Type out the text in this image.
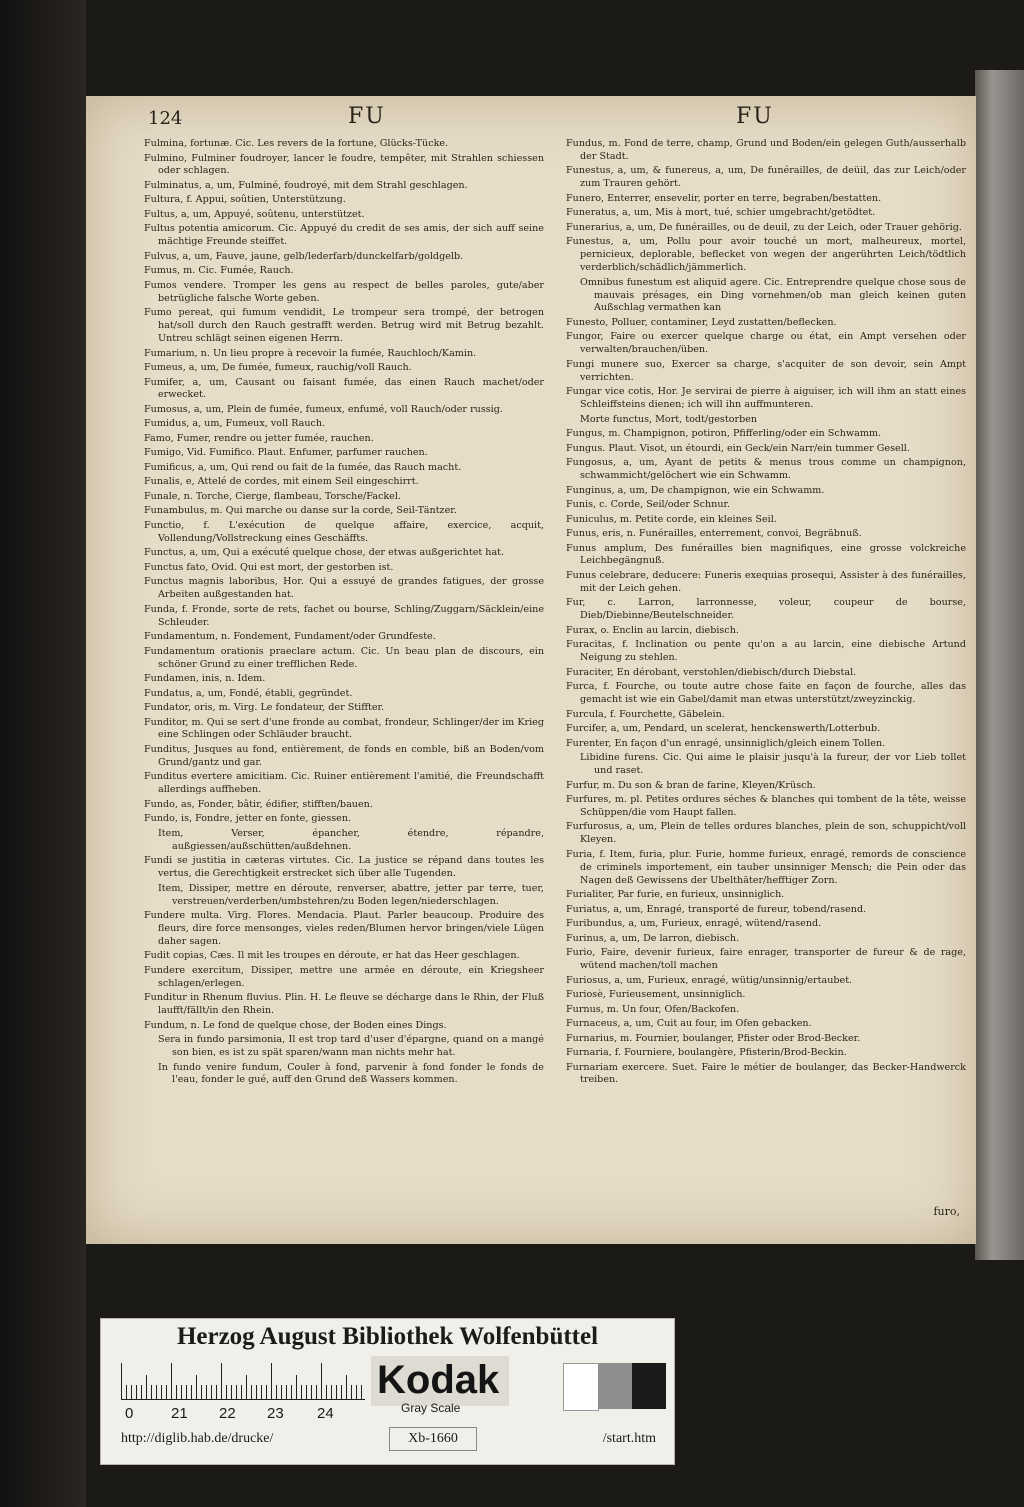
124	FU	FU

Fulmina, fortunæ. Cic. Les revers de la fortune, Glücks-Tücke.

Fulmino, Fulminer foudroyer, lancer le foudre, tempêter, mit Strahlen schiessen oder schlagen.

Fulminatus, a, um, Fulminé, foudroyé, mit dem Strahl geschlagen.

Fultura, f. Appui, soûtien, Unterstützung.

Fultus, a, um, Appuyé, soûtenu, unterstützet.

Fultus potentia amicorum. Cic. Appuyé du credit de ses amis, der sich auff seine mächtige Freunde steiffet.

Fulvus, a, um, Fauve, jaune, gelb/lederfarb/dunckelfarb/goldgelb.

Fumus, m. Cic. Fumée, Rauch.

Fumos vendere. Tromper les gens au respect de belles paroles, gute/aber betrügliche falsche Worte geben.

Fumo pereat, qui fumum vendidit, Le trompeur sera trompé, der betrogen hat/soll durch den Rauch gestrafft werden. Betrug wird mit Betrug bezahlt. Untreu schlägt seinen eigenen Herrn.

Fumarium, n. Un lieu propre à recevoir la fumée, Rauchloch/Kamin.

Fumeus, a, um, De fumée, fumeux, rauchig/voll Rauch.

Fumifer, a, um, Causant ou faisant fumée, das einen Rauch machet/oder erwecket.

Fumosus, a, um, Plein de fumée, fumeux, enfumé, voll Rauch/oder russig.

Fumidus, a, um, Fumeux, voll Rauch.

Famo, Fumer, rendre ou jetter fumée, rauchen.

Fumigo, Vid. Fumifico. Plaut. Enfumer, parfumer rauchen.

Fumificus, a, um, Qui rend ou fait de la fumée, das Rauch macht.

Funalis, e, Attelé de cordes, mit einem Seil eingeschirrt.

Funale, n. Torche, Cierge, flambeau, Torsche/Fackel.

Funambulus, m. Qui marche ou danse sur la corde, Seil-Täntzer.

Functio, f. L'exécution de quelque affaire, exercice, acquit, Vollendung/Vollstreckung eines Geschäffts.

Functus, a, um, Qui a exécuté quelque chose, der etwas außgerichtet hat.

Functus fato, Ovid. Qui est mort, der gestorben ist.

Functus magnis laboribus, Hor. Qui a essuyé de grandes fatigues, der grosse Arbeiten außgestanden hat.

Funda, f. Fronde, sorte de rets, fachet ou bourse, Schling/Zuggarn/Säcklein/eine Schleuder.

Fundamentum, n. Fondement, Fundament/oder Grundfeste.

Fundamentum orationis praeclare actum. Cic. Un beau plan de discours, ein schöner Grund zu einer trefflichen Rede.

Fundamen, inis, n. Idem.

Fundatus, a, um, Fondé, établi, gegründet.

Fundator, oris, m. Virg. Le fondateur, der Stiffter.

Funditor, m. Qui se sert d'une fronde au combat, frondeur, Schlinger/der im Krieg eine Schlingen oder Schläuder braucht.

Funditus, Jusques au fond, entièrement, de fonds en comble, biß an Boden/vom Grund/gantz und gar.

Funditus evertere amicitiam. Cic. Ruiner entièrement l'amitié, die Freundschafft allerdings auffheben.

Fundo, as, Fonder, bâtir, édifier, stifften/bauen.

Fundo, is, Fondre, jetter en fonte, giessen.

Item, Verser, épancher, étendre, répandre, außgiessen/außschütten/außdehnen.

Fundi se justitia in cæteras virtutes. Cic. La justice se répand dans toutes les vertus, die Gerechtigkeit erstrecket sich über alle Tugenden.

Item, Dissiper, mettre en déroute, renverser, abattre, jetter par terre, tuer, verstreuen/verderben/umbstehren/zu Boden legen/niederschlagen.

Fundere multa. Virg. Flores. Mendacia. Plaut. Parler beaucoup. Produire des fleurs, dire force mensonges, vieles reden/Blumen hervor bringen/viele Lügen daher sagen.

Fudit copias, Cæs. Il mit les troupes en déroute, er hat das Heer geschlagen.

Fundere exercitum, Dissiper, mettre une armée en déroute, ein Kriegsheer schlagen/erlegen.

Funditur in Rhenum fluvius. Plin. H. Le fleuve se décharge dans le Rhin, der Fluß laufft/fällt/in den Rhein.

Fundum, n. Le fond de quelque chose, der Boden eines Dings.

Sera in fundo parsimonia, Il est trop tard d'user d'épargne, quand on a mangé son bien, es ist zu spät sparen/wann man nichts mehr hat.

In fundo venire fundum, Couler à fond, parvenir à fond fonder le fonds de l'eau, fonder le gué, auff den Grund deß Wassers kommen.

Fundus, m. Fond de terre, champ, Grund und Boden/ein gelegen Guth/ausserhalb der Stadt.

Funestus, a, um, & funereus, a, um, De funérailles, de deüil, das zur Leich/oder zum Trauren gehört.

Funero, Enterrer, ensevelir, porter en terre, begraben/bestatten.

Funeratus, a, um, Mis à mort, tué, schier umgebracht/getödtet.

Funerarius, a, um, De funérailles, ou de deuil, zu der Leich, oder Trauer gehörig.

Funestus, a, um, Pollu pour avoir touché un mort, malheureux, mortel, pernicieux, deplorable, beflecket von wegen der angerührten Leich/tödtlich verderblich/schädlich/jämmerlich.

Omnibus funestum est aliquid agere. Cic. Entreprendre quelque chose sous de mauvais présages, ein Ding vornehmen/ob man gleich keinen guten Außschlag vermathen kan

Funesto, Polluer, contaminer, Leyd zustatten/beflecken.

Fungor, Faire ou exercer quelque charge ou état, ein Ampt versehen oder verwalten/brauchen/üben.

Fungi munere suo, Exercer sa charge, s'acquiter de son devoir, sein Ampt verrichten.

Fungar vice cotis, Hor. Je servirai de pierre à aiguiser, ich will ihm an statt eines Schleiffsteins dienen; ich will ihn auffmunteren.

Morte functus, Mort, todt/gestorben

Fungus, m. Champignon, potiron, Pfifferling/oder ein Schwamm.

Fungus. Plaut. Visot, un étourdi, ein Geck/ein Narr/ein tummer Gesell.

Fungosus, a, um, Ayant de petits & menus trous comme un champignon, schwammicht/gelöchert wie ein Schwamm.

Funginus, a, um, De champignon, wie ein Schwamm.

Funis, c. Corde, Seil/oder Schnur.

Funiculus, m. Petite corde, ein kleines Seil.

Funus, eris, n. Funérailles, enterrement, convoi, Begräbnuß.

Funus amplum, Des funérailles bien magnifiques, eine grosse volckreiche Leichbegängnuß.

Funus celebrare, deducere: Funeris exequias prosequi, Assister à des funérailles, mit der Leich gehen.

Fur, c. Larron, larronnesse, voleur, coupeur de bourse, Dieb/Diebinne/Beutelschneider.

Furax, o. Enclin au larcin, diebisch.

Furacitas, f. Inclination ou pente qu'on a au larcin, eine diebische Artund Neigung zu stehlen.

Furaciter, En dérobant, verstohlen/diebisch/durch Diebstal.

Furca, f. Fourche, ou toute autre chose faite en façon de fourche, alles das gemacht ist wie ein Gabel/damit man etwas unterstützt/zweyzinckig.

Furcula, f. Fourchette, Gäbelein.

Furcifer, a, um, Pendard, un scelerat, henckenswerth/Lotterbub.

Furenter, En façon d'un enragé, unsinniglich/gleich einem Tollen.

Libidine furens. Cic. Qui aime le plaisir jusqu'à la fureur, der vor Lieb tollet und raset.

Furfur, m. Du son & bran de farine, Kleyen/Krüsch.

Furfures, m. pl. Petites ordures séches & blanches qui tombent de la tête, weisse Schüppen/die vom Haupt fallen.

Furfurosus, a, um, Plein de telles ordures blanches, plein de son, schuppicht/voll Kleyen.

Furia, f. Item, furia, plur. Furie, homme furieux, enragé, remords de conscience de criminels importement, ein tauber unsinniger Mensch; die Pein oder das Nagen deß Gewissens der Ubelthäter/hefftiger Zorn.

Furialiter, Par furie, en furieux, unsinniglich.

Furiatus, a, um, Enragé, transporté de fureur, tobend/rasend.

Furibundus, a, um, Furieux, enragé, wütend/rasend.

Furinus, a, um, De larron, diebisch.

Furio, Faire, devenir furieux, faire enrager, transporter de fureur & de rage, wütend machen/toll machen

Furiosus, a, um, Furieux, enragé, wütig/unsinnig/ertaubet.

Furiosè, Furieusement, unsinniglich.

Furnus, m. Un four, Ofen/Backofen.

Furnaceus, a, um, Cuit au four, im Ofen gebacken.

Furnarius, m. Fournier, boulanger, Pfister oder Brod-Becker.

Furnaria, f. Fourniere, boulangère, Pfisterin/Brod-Beckin.

Furnariam exercere. Suet. Faire le métier de boulanger, das Becker-Handwerck treiben.

furo,
Herzog August Bibliothek Wolfenbüttel
0	21 22 23 24
Kodak
Gray Scale
http://diglib.hab.de/drucke/	Xb-1660	/start.htm
